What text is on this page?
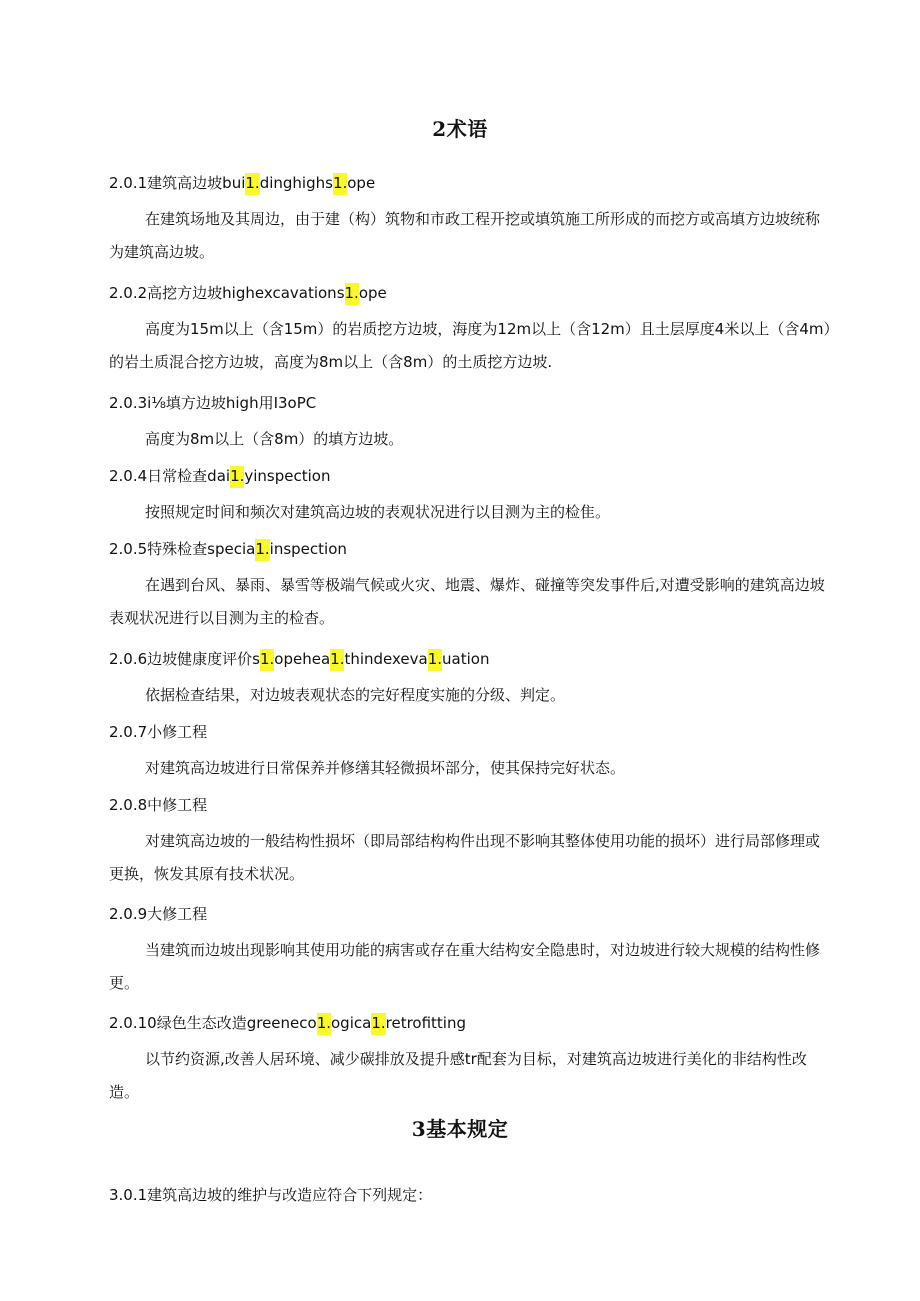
2术语
2.0.1建筑高边坡bui1.dinghighs1.ope
在建筑场地及其周边，由于建（构）筑物和市政工程开挖或填筑施工所形成的而挖方或高填方边坡统称为建筑高边坡。
2.0.2高挖方边坡highexcavations1.ope
高度为15m以上（含15m）的岩质挖方边坡，海度为12m以上（含12m）且土层厚度4米以上（含4m）的岩土质混合挖方边坡，高度为8m以上（含8m）的土质挖方边坡.
2.0.3i⅛填方边坡high用I3oPC
高度为8m以上（含8m）的填方边坡。
2.0.4日常检查dai1.yinspection
按照规定时间和频次对建筑高边坡的表观状况进行以目测为主的检隹。
2.0.5特殊检查specia1.inspection
在遇到台风、暴雨、暴雪等极端气候或火灾、地震、爆炸、碰撞等突发事件后,对遭受影响的建筑高边坡表观状况进行以目测为主的检杳。
2.0.6边坡健康度评价s1.opehea1.thindexeva1.uation
依据检查结果，对边坡表观状态的完好程度实施的分级、判定。
2.0.7小修工程
对建筑高边坡进行日常保养并修缮其轻微损坏部分，使其保持完好状态。
2.0.8中修工程
对建筑高边坡的一般结构性损坏（即局部结构构件出现不影响其整体使用功能的损坏）进行局部修理或更换，恢发其原有技术状况。
2.0.9大修工程
当建筑而边坡出现影响其使用功能的病害或存在重大结构安全隐患时，对边坡进行较大规模的结构性修更。
2.0.10绿色生态改造greeneco1.ogica1.retrofitting
以节约资源,改善人居环境、减少碳排放及提升感tr配套为目标，对建筑高边坡进行美化的非结构性改造。
3基本规定
3.0.1建筑高边坡的维护与改造应符合下列规定：
